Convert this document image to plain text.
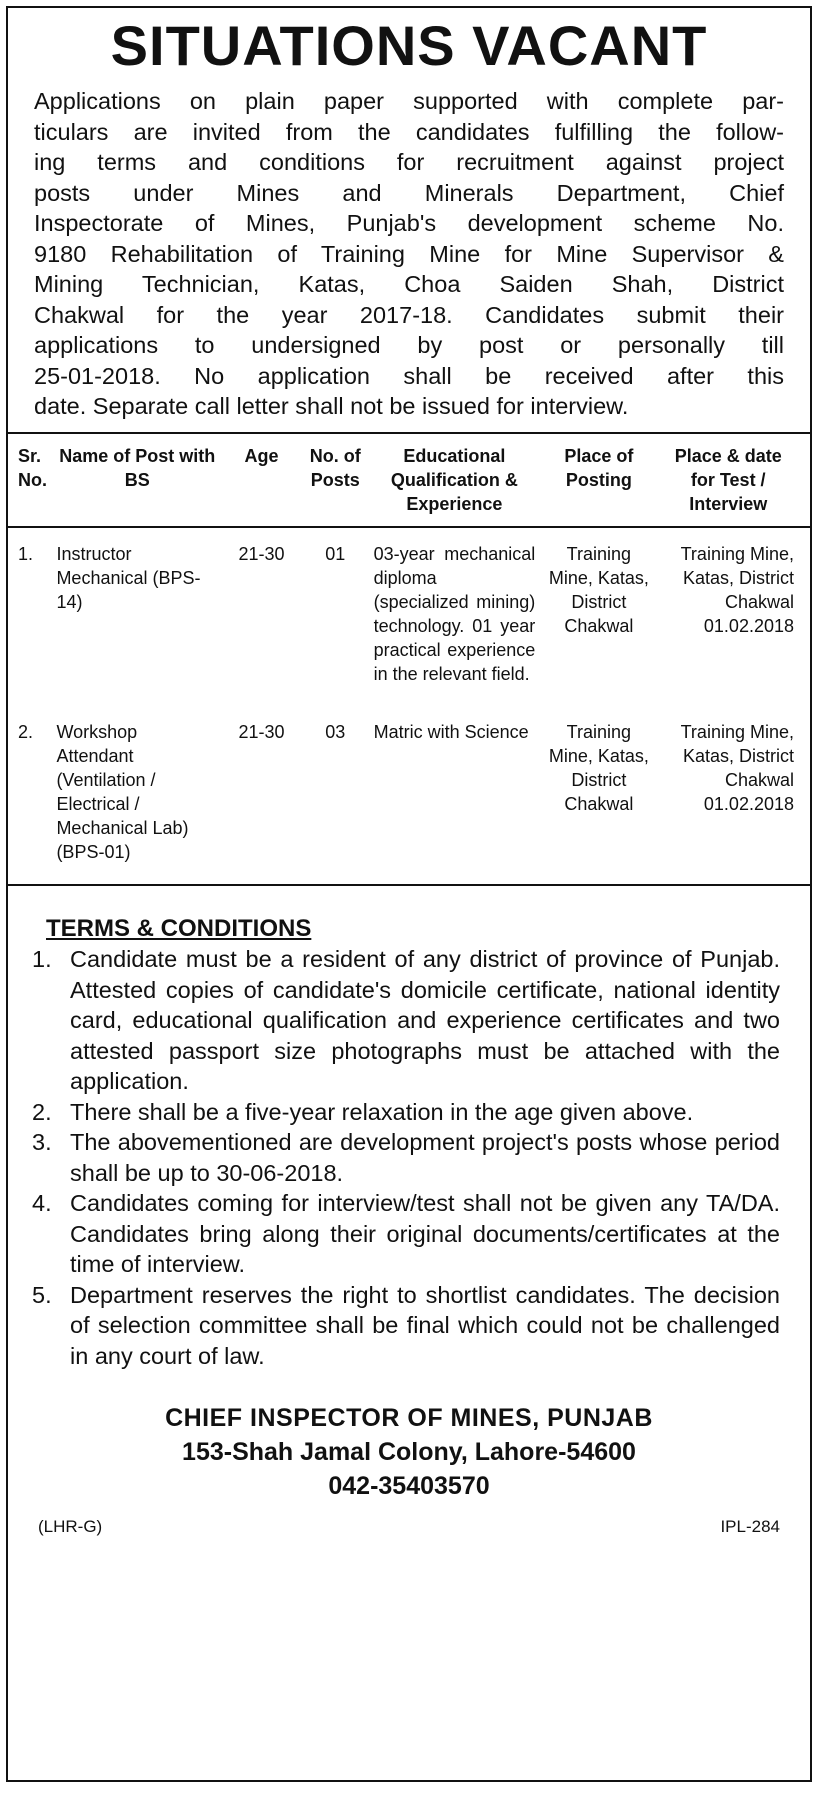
SITUATIONS VACANT
Applications on plain paper supported with complete par-
ticulars are invited from the candidates fulfilling the follow-
ing terms and conditions for recruitment against project
posts under Mines and Minerals Department, Chief
Inspectorate of Mines, Punjab's development scheme No.
9180 Rehabilitation of Training Mine for Mine Supervisor &
Mining Technician, Katas, Choa Saiden Shah, District
Chakwal for the year 2017-18. Candidates submit their
applications to undersigned by post or personally till
25-01-2018. No application shall be received after this
date. Separate call letter shall not be issued for interview.
Sr. No.	Name of Post with BS	Age	No. of Posts	Educational Qualification & Experience	Place of Posting	Place & date for Test / Interview
1.	Instructor Mechanical (BPS-14)	21-30	01	03-year mechanical diploma (specialized mining) technology. 01 year practical experience in the relevant field.	Training Mine, Katas, District Chakwal	Training Mine, Katas, District Chakwal 01.02.2018
2.	Workshop Attendant (Ventilation / Electrical / Mechanical Lab) (BPS-01)	21-30	03	Matric with Science	Training Mine, Katas, District Chakwal	Training Mine, Katas, District Chakwal 01.02.2018
TERMS & CONDITIONS
1. Candidate must be a resident of any district of province of Punjab. Attested copies of candidate's domicile certificate, national identity card, educational qualification and experience certificates and two attested passport size photographs must be attached with the application.
2. There shall be a five-year relaxation in the age given above.
3. The abovementioned are development project's posts whose period shall be up to 30-06-2018.
4. Candidates coming for interview/test shall not be given any TA/DA. Candidates bring along their original documents/certificates at the time of interview.
5. Department reserves the right to shortlist candidates. The decision of selection committee shall be final which could not be challenged in any court of law.
CHIEF INSPECTOR OF MINES, PUNJAB
153-Shah Jamal Colony, Lahore-54600
042-35403570
(LHR-G)	IPL-284
